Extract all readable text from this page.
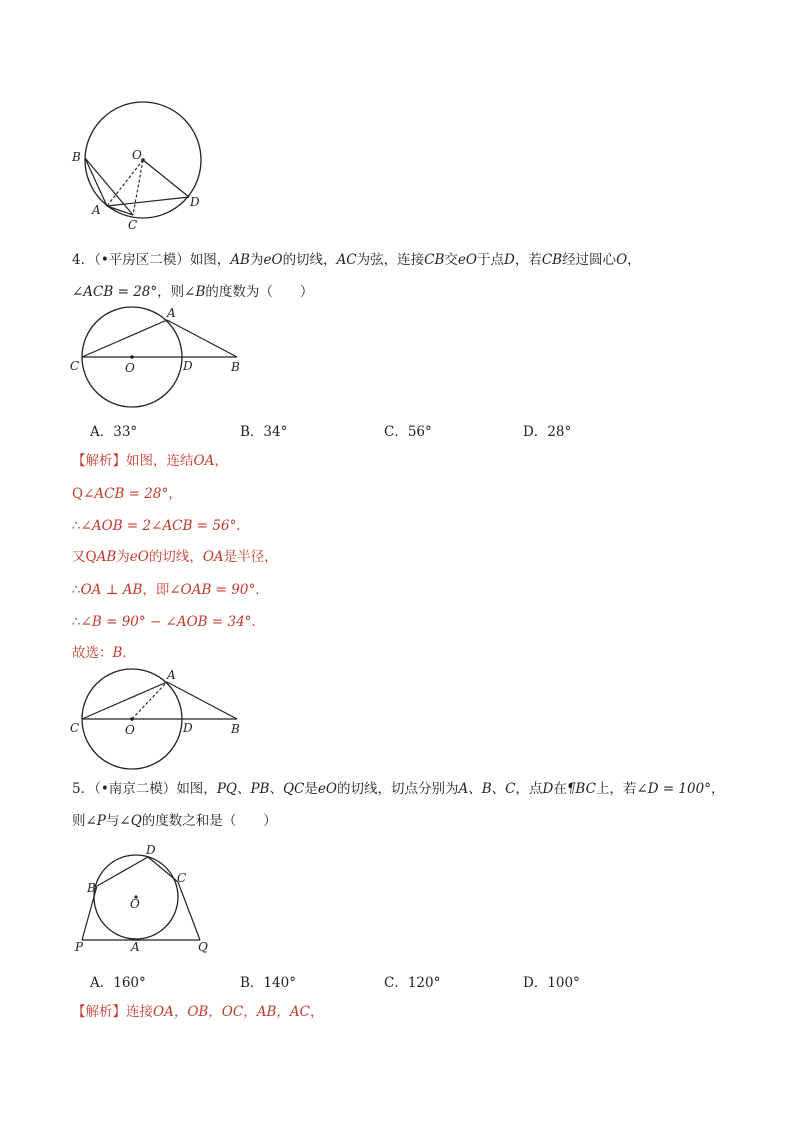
B	O
A
D
C
4．（•平房区二模）如图，AB为eO的切线，AC为弦，连接CB交eO于点D，若CB经过圆心O，
∠ACB = 28°，则∠B的度数为（　　）
A
C	O	D	B
A．33°	B．34°	C．56°	D．28°
【解析】如图，连结OA，
Q∠ACB = 28°，
∴∠AOB = 2∠ACB = 56°．
又QAB为eO的切线，OA是半径，
∴OA ⊥ AB，即∠OAB = 90°．
∴∠B = 90° − ∠AOB = 34°．
故选：B．
A
C	O	D	B
5．（•南京二模）如图，PQ、PB、QC是eO的切线，切点分别为A、B、C，点D在¶BC上，若∠D = 100°，
则∠P与∠Q的度数之和是（　　）
D
C
B
O
P	A	Q
A．160°	B．140°	C．120°	D．100°
【解析】连接OA，OB，OC，AB，AC，
